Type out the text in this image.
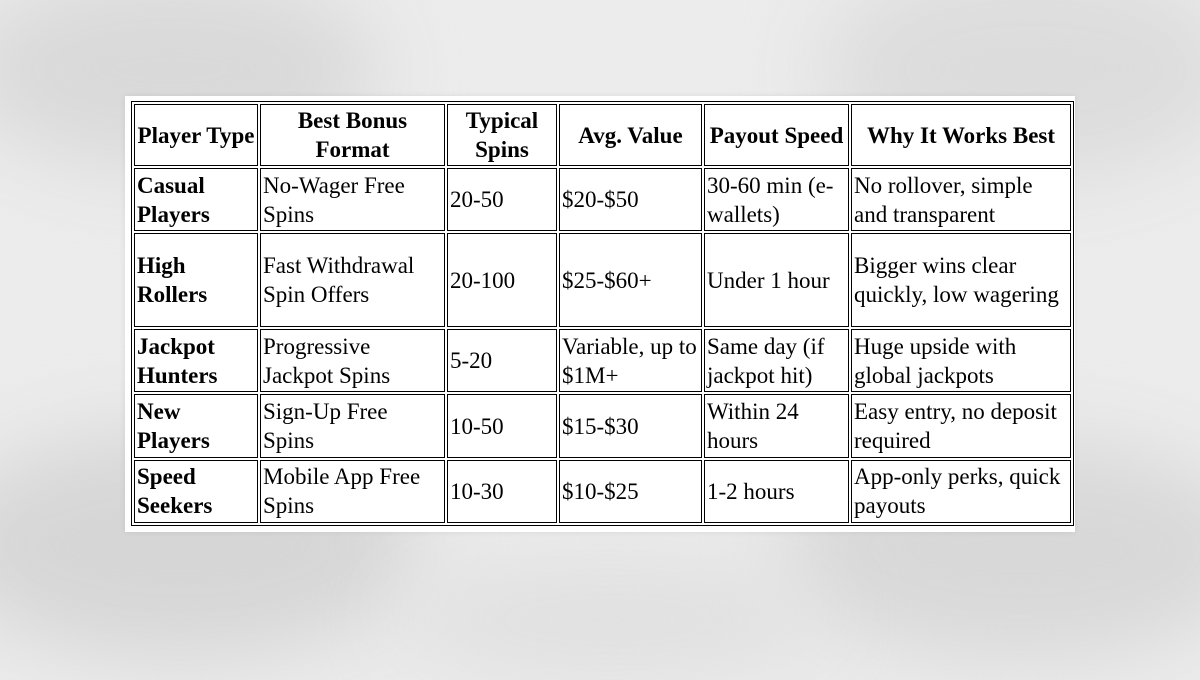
Player Type	Best Bonus Format	Typical Spins	Avg. Value	Payout Speed	Why It Works Best
Casual Players	No-Wager Free Spins	20-50	$20-$50	30-60 min (e-wallets)	No rollover, simple and transparent
High Rollers	Fast Withdrawal Spin Offers	20-100	$25-$60+	Under 1 hour	Bigger wins clear quickly, low wagering
Jackpot Hunters	Progressive Jackpot Spins	5-20	Variable, up to $1M+	Same day (if jackpot hit)	Huge upside with global jackpots
New Players	Sign-Up Free Spins	10-50	$15-$30	Within 24 hours	Easy entry, no deposit required
Speed Seekers	Mobile App Free Spins	10-30	$10-$25	1-2 hours	App-only perks, quick payouts
